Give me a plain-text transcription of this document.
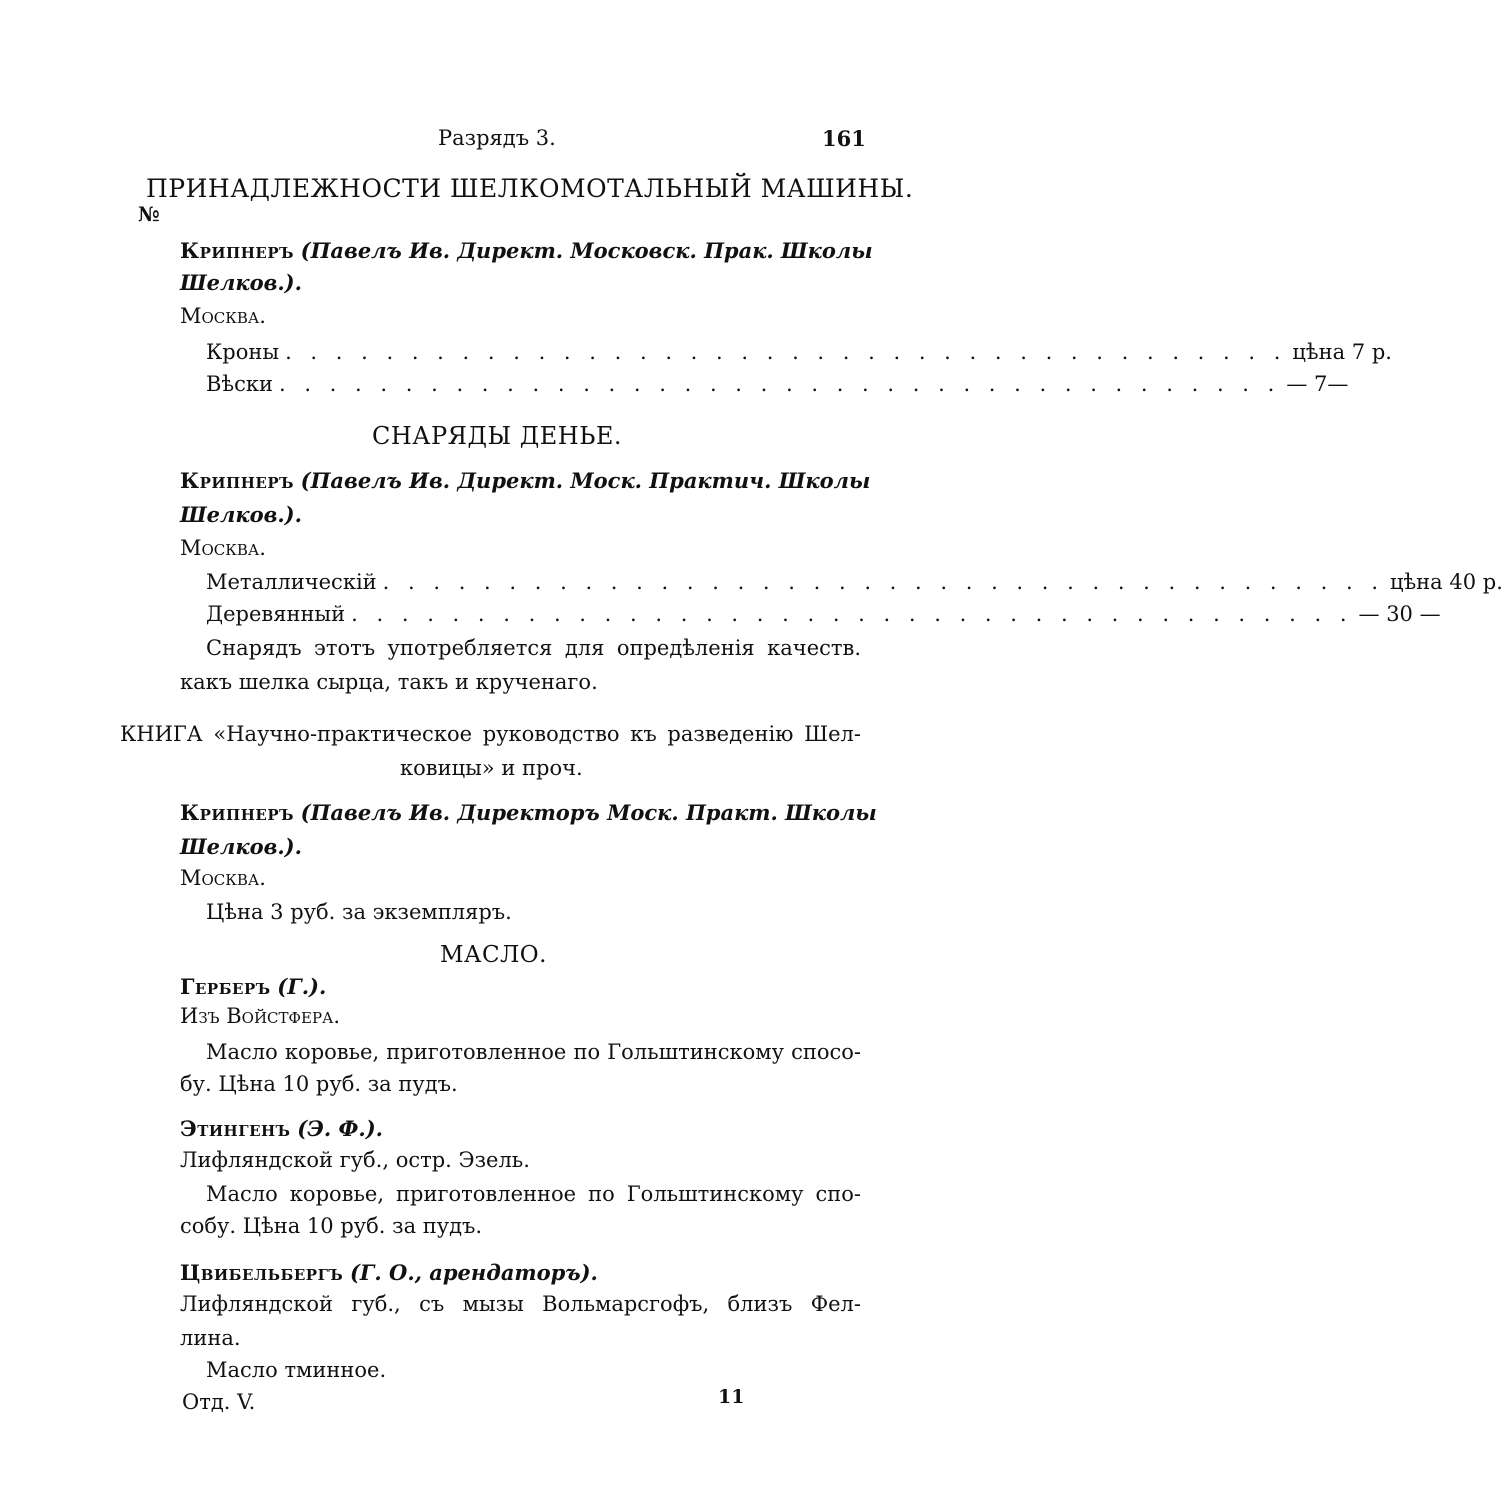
Разрядъ 3.	161
ПРИНАДЛЕЖНОСТИ ШЕЛКОМОТАЛЬНЫЙ МАШИНЫ.
№
Крипнеръ (Павелъ Ив. Директ. Московск. Прак. Школы
Шелков.).
Москва.
Кроны . . . . . . . . . . . . . . . . . . . . . . . . . . . . . . . . . . . . . . . . цѣна 7 р.
Вѣски . . . . . . . . . . . . . . . . . . . . . . . . . . . . . . . . . . . . . . . . — 7—
СНАРЯДЫ ДЕНЬЕ.
Крипнеръ (Павелъ Ив. Директ. Моск. Практич. Школы
Шелков.).
Москва.
Металлическій . . . . . . . . . . . . . . . . . . . . . . . . . . . . . . . . . . . . . . . . цѣна 40 р.
Деревянный . . . . . . . . . . . . . . . . . . . . . . . . . . . . . . . . . . . . . . . . — 30 —
Снарядъ этотъ употребляется для опредѣленія качеств.
какъ шелка сырца, такъ и крученаго.
КНИГА «Научно-практическое руководство къ разведенію Шел-
ковицы» и проч.
Крипнеръ (Павелъ Ив. Директоръ Моск. Практ. Школы
Шелков.).
Москва.
Цѣна 3 руб. за экземпляръ.
МАСЛО.
Герберъ (Г.).
Изъ Войстфера.
Масло коровье, приготовленное по Гольштинскому спосо-
бу. Цѣна 10 руб. за пудъ.
Этингенъ (Э. Ф.).
Лифляндской губ., остр. Эзель.
Масло коровье, приготовленное по Гольштинскому спо-
собу. Цѣна 10 руб. за пудъ.
Цвибельбергъ (Г. О., арендаторъ).
Лифляндской губ., съ мызы Вольмарсгофъ, близъ Фел-
лина.
Масло тминное.
Отд. V.	11
